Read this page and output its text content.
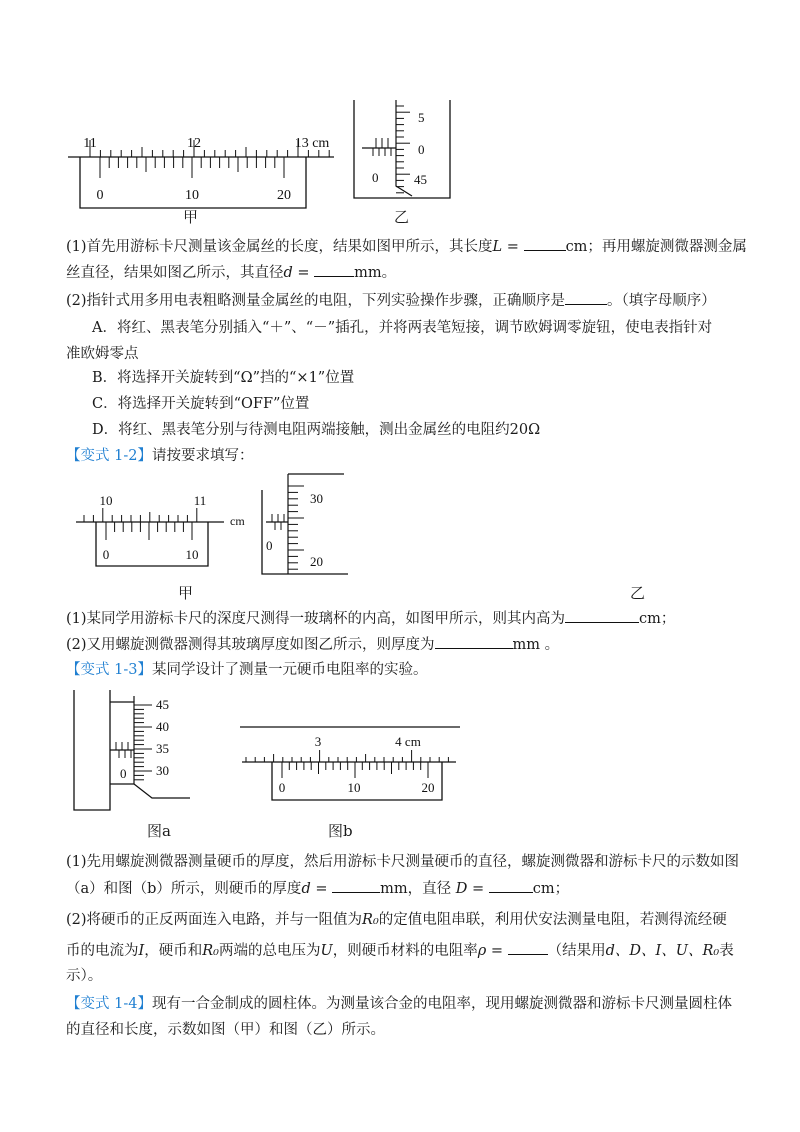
11	12	13 cm
0	10	20
甲
5
0
45
0
乙
(1)首先用游标卡尺测量该金属丝的长度，结果如图甲所示，其长度L =	cm；再用螺旋测微器测金属
丝直径，结果如图乙所示，其直径d =	mm。
(2)指针式用多用电表粗略测量金属丝的电阻，下列实验操作步骤，正确顺序是	。（填字母顺序）
A．将红、黑表笔分别插入“＋”、“－”插孔，并将两表笔短接，调节欧姆调零旋钮，使电表指针对
准欧姆零点
B．将选择开关旋转到“Ω”挡的“×1”位置
C．将选择开关旋转到“OFF”位置
D．将红、黑表笔分别与待测电阻两端接触，测出金属丝的电阻约20Ω
【变式 1-2】请按要求填写：
10	11
cm
0	10
甲
30
0
20
乙
(1)某同学用游标卡尺的深度尺测得一玻璃杯的内高，如图甲所示，则其内高为	cm；
(2)又用螺旋测微器测得其玻璃厚度如图乙所示，则厚度为	mm 。
【变式 1-3】某同学设计了测量一元硬币电阻率的实验。
45
40
35
30
0
图a
3	4 cm
0	10	20
图b
(1)先用螺旋测微器测量硬币的厚度，然后用游标卡尺测量硬币的直径，螺旋测微器和游标卡尺的示数如图
（a）和图（b）所示，则硬币的厚度d =	mm，直径 D =	cm；
(2)将硬币的正反两面连入电路，并与一阻值为R₀的定值电阻串联，利用伏安法测量电阻，若测得流经硬
币的电流为I，硬币和R₀两端的总电压为U，则硬币材料的电阻率ρ =	（结果用d、D、I、U、R₀表
示）。
【变式 1-4】现有一合金制成的圆柱体。为测量该合金的电阻率，现用螺旋测微器和游标卡尺测量圆柱体
的直径和长度，示数如图（甲）和图（乙）所示。
